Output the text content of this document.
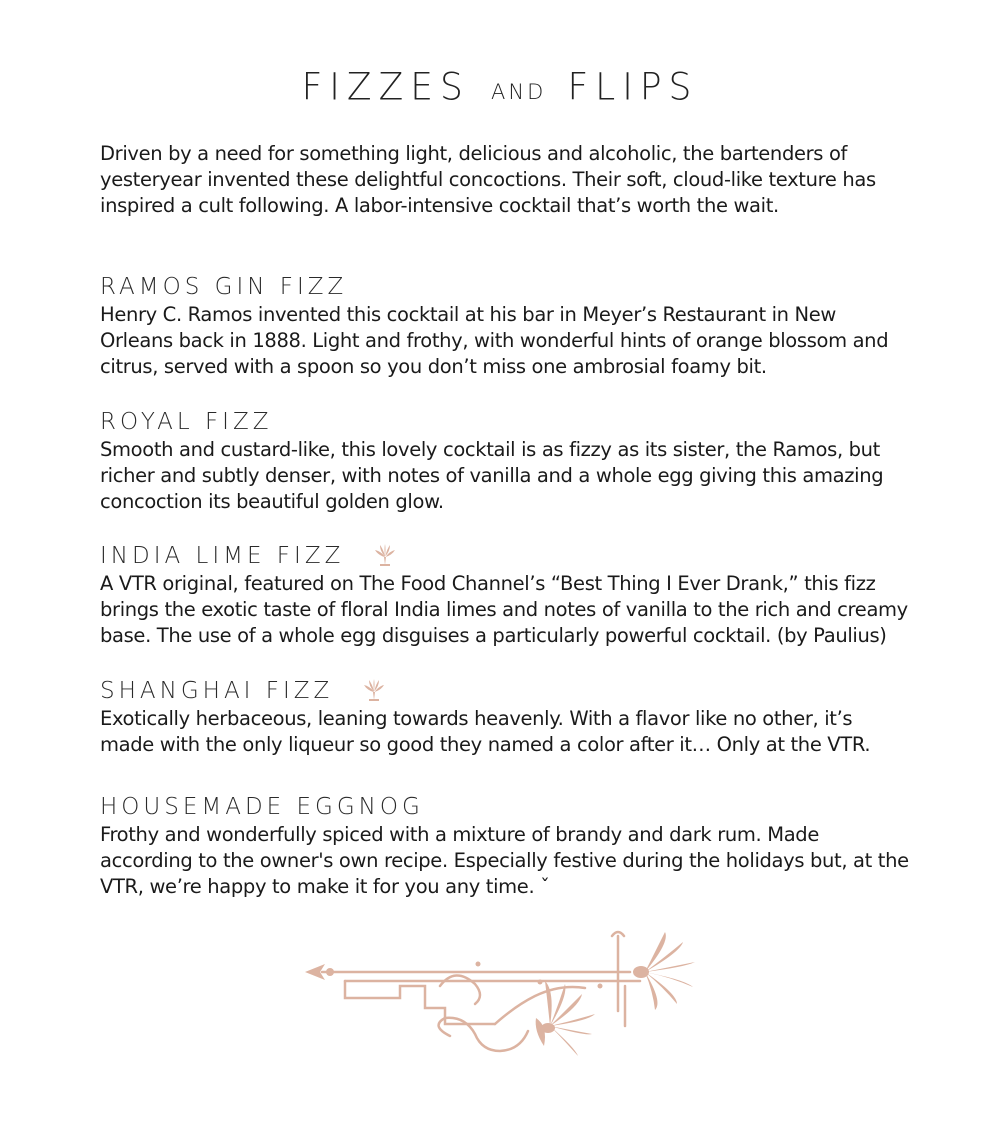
FIZZES AND FLIPS

Driven by a need for something light, delicious and alcoholic, the bartenders of yesteryear invented these delightful concoctions. Their soft, cloud-like texture has inspired a cult following. A labor-intensive cocktail that’s worth the wait.

RAMOS GIN FIZZ

Henry C. Ramos invented this cocktail at his bar in Meyer’s Restaurant in New Orleans back in 1888. Light and frothy, with wonderful hints of orange blossom and citrus, served with a spoon so you don’t miss one ambrosial foamy bit.

ROYAL FIZZ

Smooth and custard-like, this lovely cocktail is as fizzy as its sister, the Ramos, but richer and subtly denser, with notes of vanilla and a whole egg giving this amazing concoction its beautiful golden glow.

INDIA LIME FIZZ

A VTR original, featured on The Food Channel’s “Best Thing I Ever Drank,” this fizz brings the exotic taste of floral India limes and notes of vanilla to the rich and creamy base. The use of a whole egg disguises a particularly powerful cocktail. (by Paulius)

SHANGHAI FIZZ

Exotically herbaceous, leaning towards heavenly. With a flavor like no other, it’s made with the only liqueur so good they named a color after it… Only at the VTR.

HOUSEMADE EGGNOG

Frothy and wonderfully spiced with a mixture of brandy and dark rum. Made according to the owner's own recipe. Especially festive during the holidays but, at the VTR, we’re happy to make it for you any time. ˇ
